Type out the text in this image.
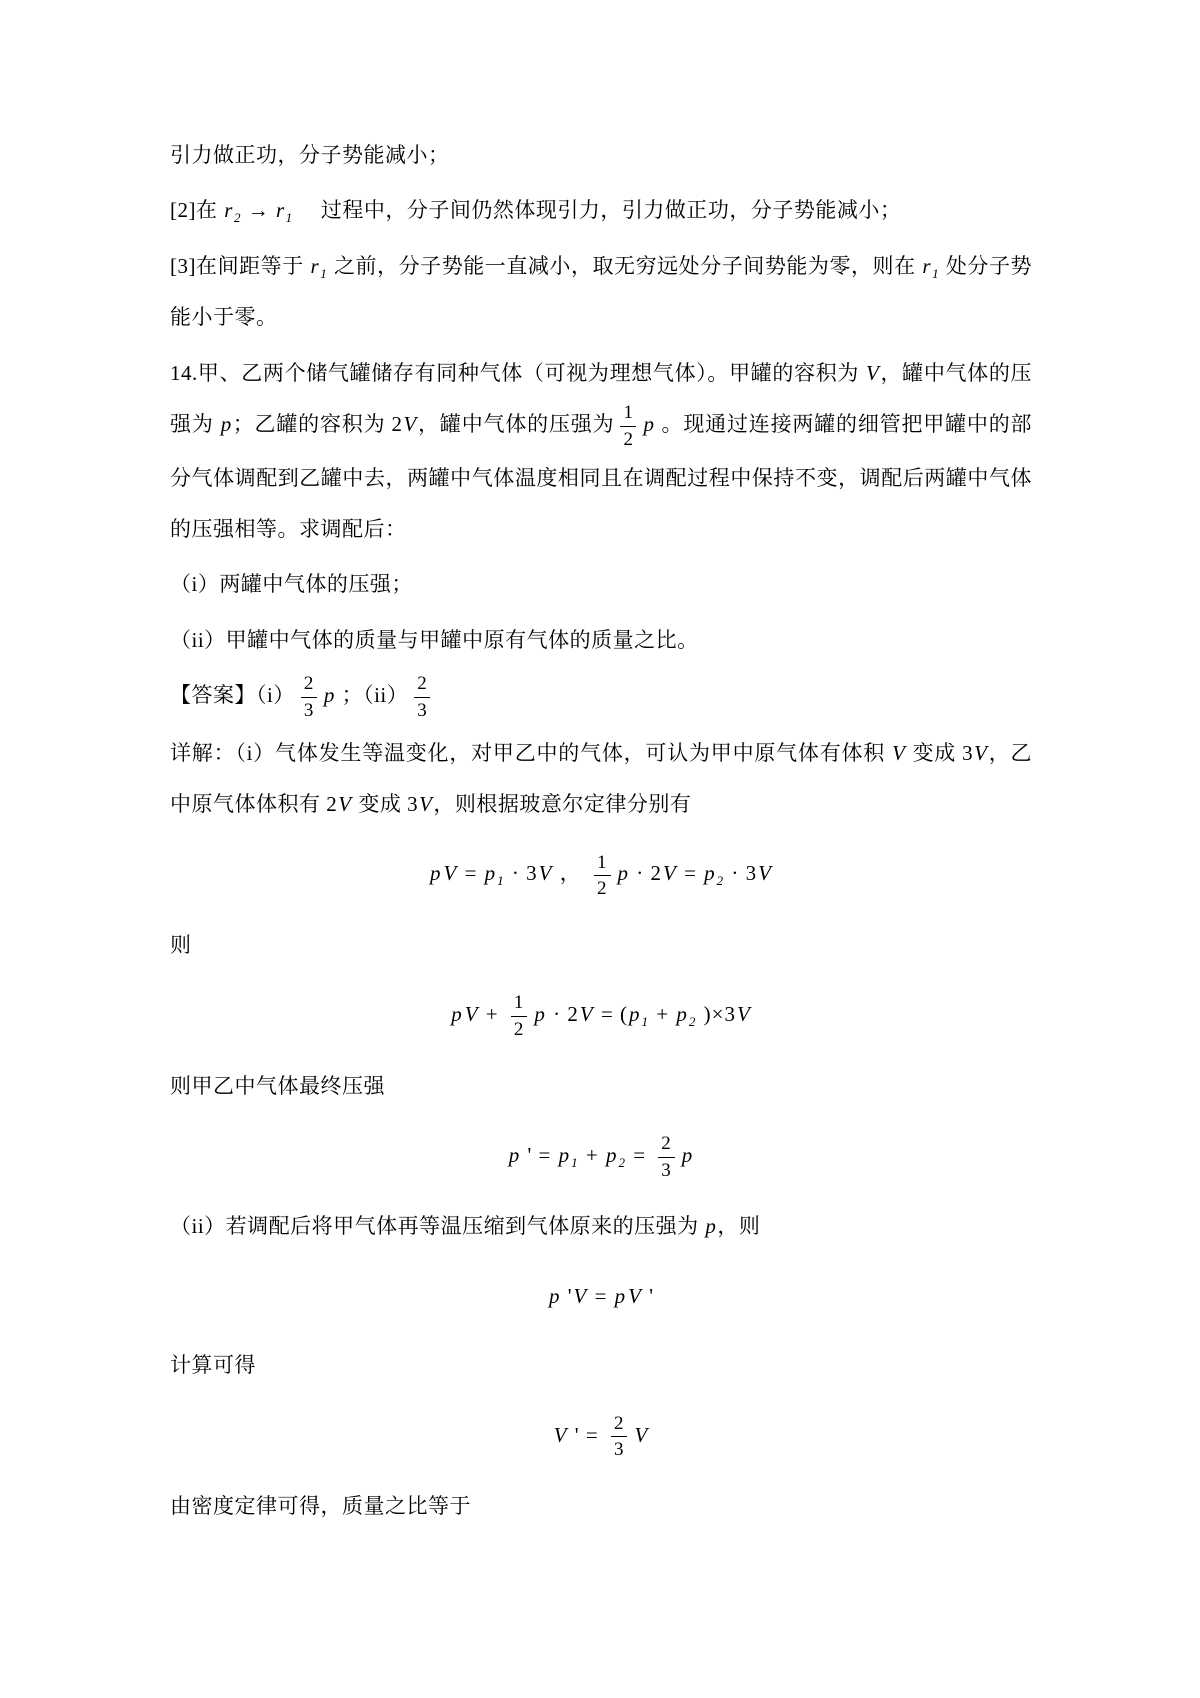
引力做正功，分子势能减小；
[2]在 $r_2 \to r_1$　 过程中，分子间仍然体现引力，引力做正功，分子势能减小；
[3]在间距等于 $r_1$ 之前，分子势能一直减小，取无穷远处分子间势能为零，则在 $r_1$ 处分子势能小于零。
14.甲、乙两个储气罐储存有同种气体（可视为理想气体）。甲罐的容积为 V，罐中气体的压强为 p；乙罐的容积为 2V，罐中气体的压强为 $\frac{1}{2}$ p 。现通过连接两罐的细管把甲罐中的部分气体调配到乙罐中去，两罐中气体温度相同且在调配过程中保持不变，调配后两罐中气体的压强相等。求调配后：
（i）两罐中气体的压强；
（ii）甲罐中气体的质量与甲罐中原有气体的质量之比。
【答案】$(i) \frac{2}{3}$ p ；$(ii) \frac{2}{3}$
详解：（i）气体发生等温变化，对甲乙中的气体，可认为甲中原气体有体积 V 变成 3V，乙中原气体体积有 2V 变成 3V，则根据玻意尔定律分别有
pV = $p_1 \cdot 3V$ ， $\frac{1}{2}$ $p \cdot 2V = p_2 \cdot 3V$
则
pV + $\frac{1}{2}$ $p \cdot 2V = (p_1 + p_2$ )×3V
则甲乙中气体最终压强
p ' = $p_1 + p_2 = \frac{2}{3}$ p
（ii）若调配后将甲气体再等温压缩到气体原来的压强为 p，则
p 'V = pV '
计算可得
V ' = $\frac{2}{3}$ V
由密度定律可得，质量之比等于
